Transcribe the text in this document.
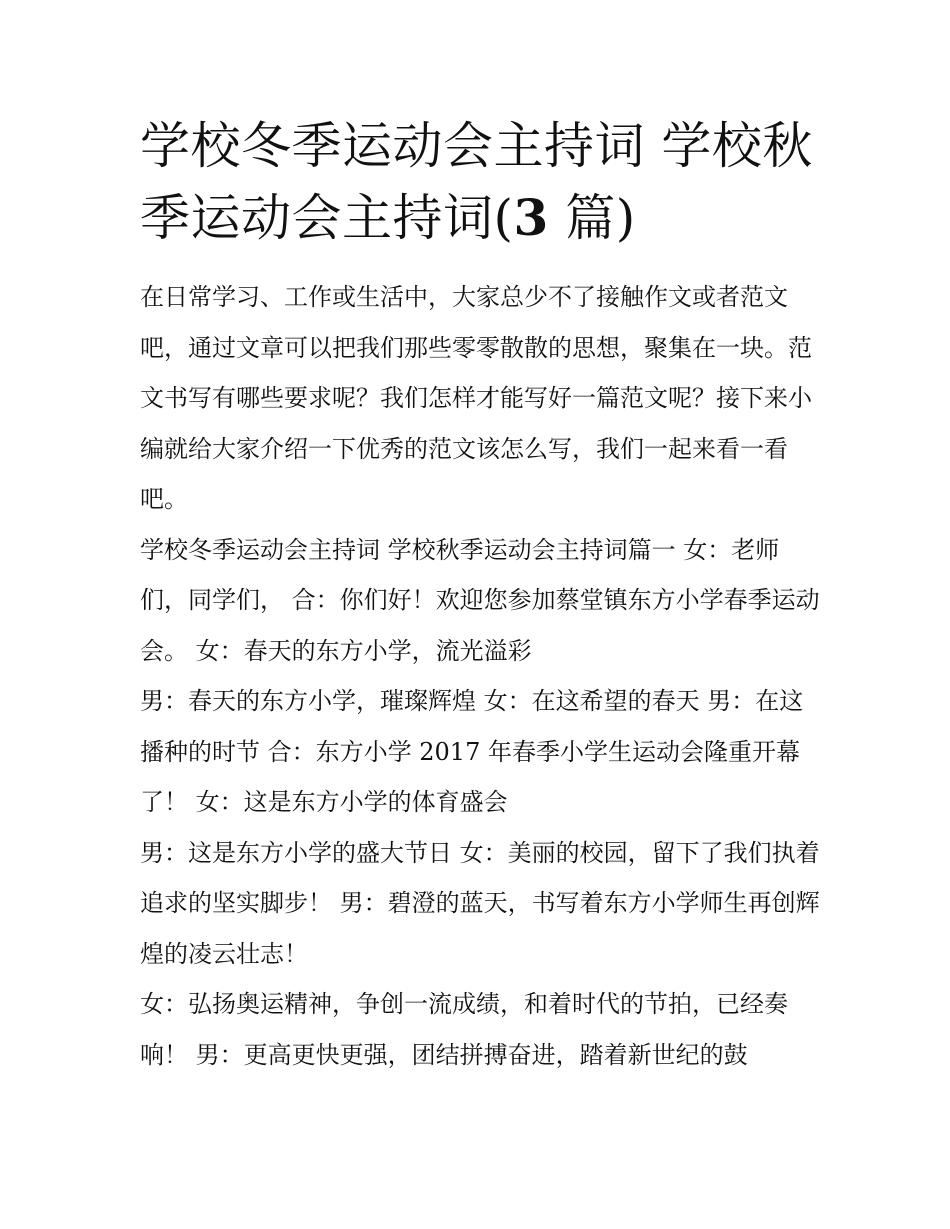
学校冬季运动会主持词 学校秋季运动会主持词(3 篇)

在日常学习、工作或生活中，大家总少不了接触作文或者范文吧，通过文章可以把我们那些零零散散的思想，聚集在一块。范文书写有哪些要求呢？我们怎样才能写好一篇范文呢？接下来小编就给大家介绍一下优秀的范文该怎么写，我们一起来看一看吧。

学校冬季运动会主持词 学校秋季运动会主持词篇一 女：老师们，同学们， 合：你们好！欢迎您参加蔡堂镇东方小学春季运动会。 女：春天的东方小学，流光溢彩

男：春天的东方小学，璀璨辉煌 女：在这希望的春天 男：在这播种的时节 合：东方小学 2017 年春季小学生运动会隆重开幕了！ 女：这是东方小学的体育盛会

男：这是东方小学的盛大节日 女：美丽的校园，留下了我们执着追求的坚实脚步！ 男：碧澄的蓝天，书写着东方小学师生再创辉煌的凌云壮志！

女：弘扬奥运精神，争创一流成绩，和着时代的节拍，已经奏响！ 男：更高更快更强，团结拼搏奋进，踏着新世纪的鼓
